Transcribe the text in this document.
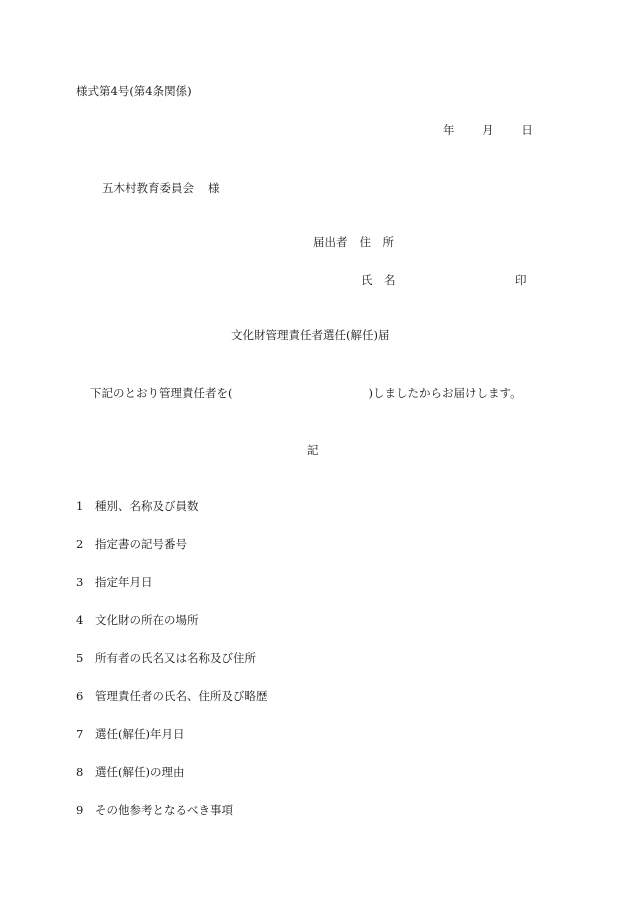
様式第4号(第4条関係)
年 月 日
五木村教育委員会 様
届出者 住　所
氏　名	印
文化財管理責任者選任(解任)届
下記のとおり管理責任者を(	)しましたからお届けします。
記
1 種別、名称及び員数
2 指定書の記号番号
3 指定年月日
4 文化財の所在の場所
5 所有者の氏名又は名称及び住所
6 管理責任者の氏名、住所及び略歴
7 選任(解任)年月日
8 選任(解任)の理由
9 その他参考となるべき事項
